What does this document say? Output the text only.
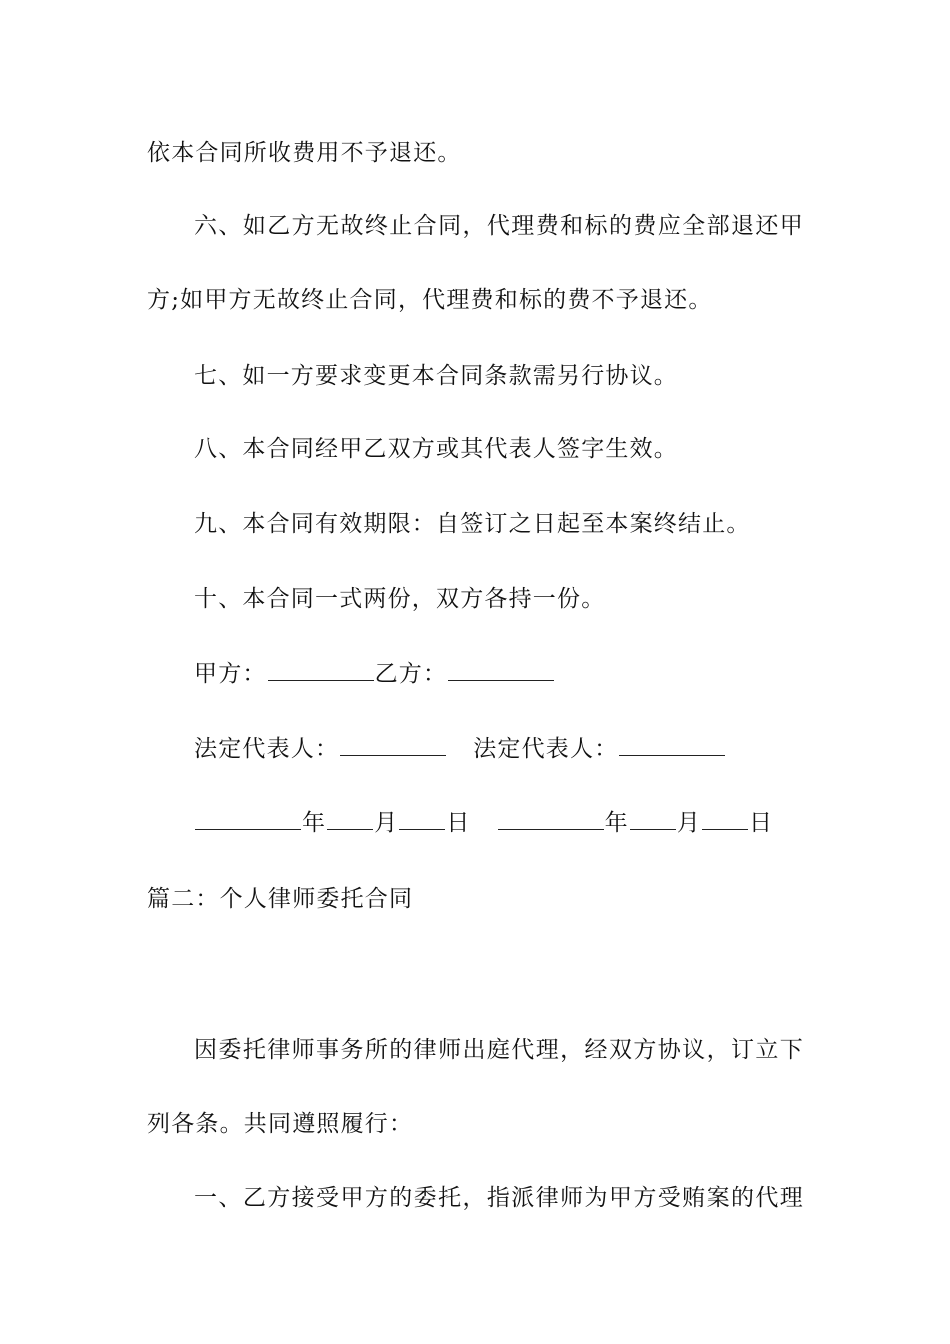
依本合同所收费用不予退还。
六、如乙方无故终止合同，代理费和标的费应全部退还甲
方;如甲方无故终止合同，代理费和标的费不予退还。
七、如一方要求变更本合同条款需另行协议。
八、本合同经甲乙双方或其代表人签字生效。
九、本合同有效期限：自签订之日起至本案终结止。
十、本合同一式两份，双方各持一份。
甲方：	乙方：
法定代表人：	法定代表人：
年 月 日	年 月 日
篇二：个人律师委托合同
因委托律师事务所的律师出庭代理，经双方协议，订立下
列各条。共同遵照履行：
一、乙方接受甲方的委托，指派律师为甲方受贿案的代理
